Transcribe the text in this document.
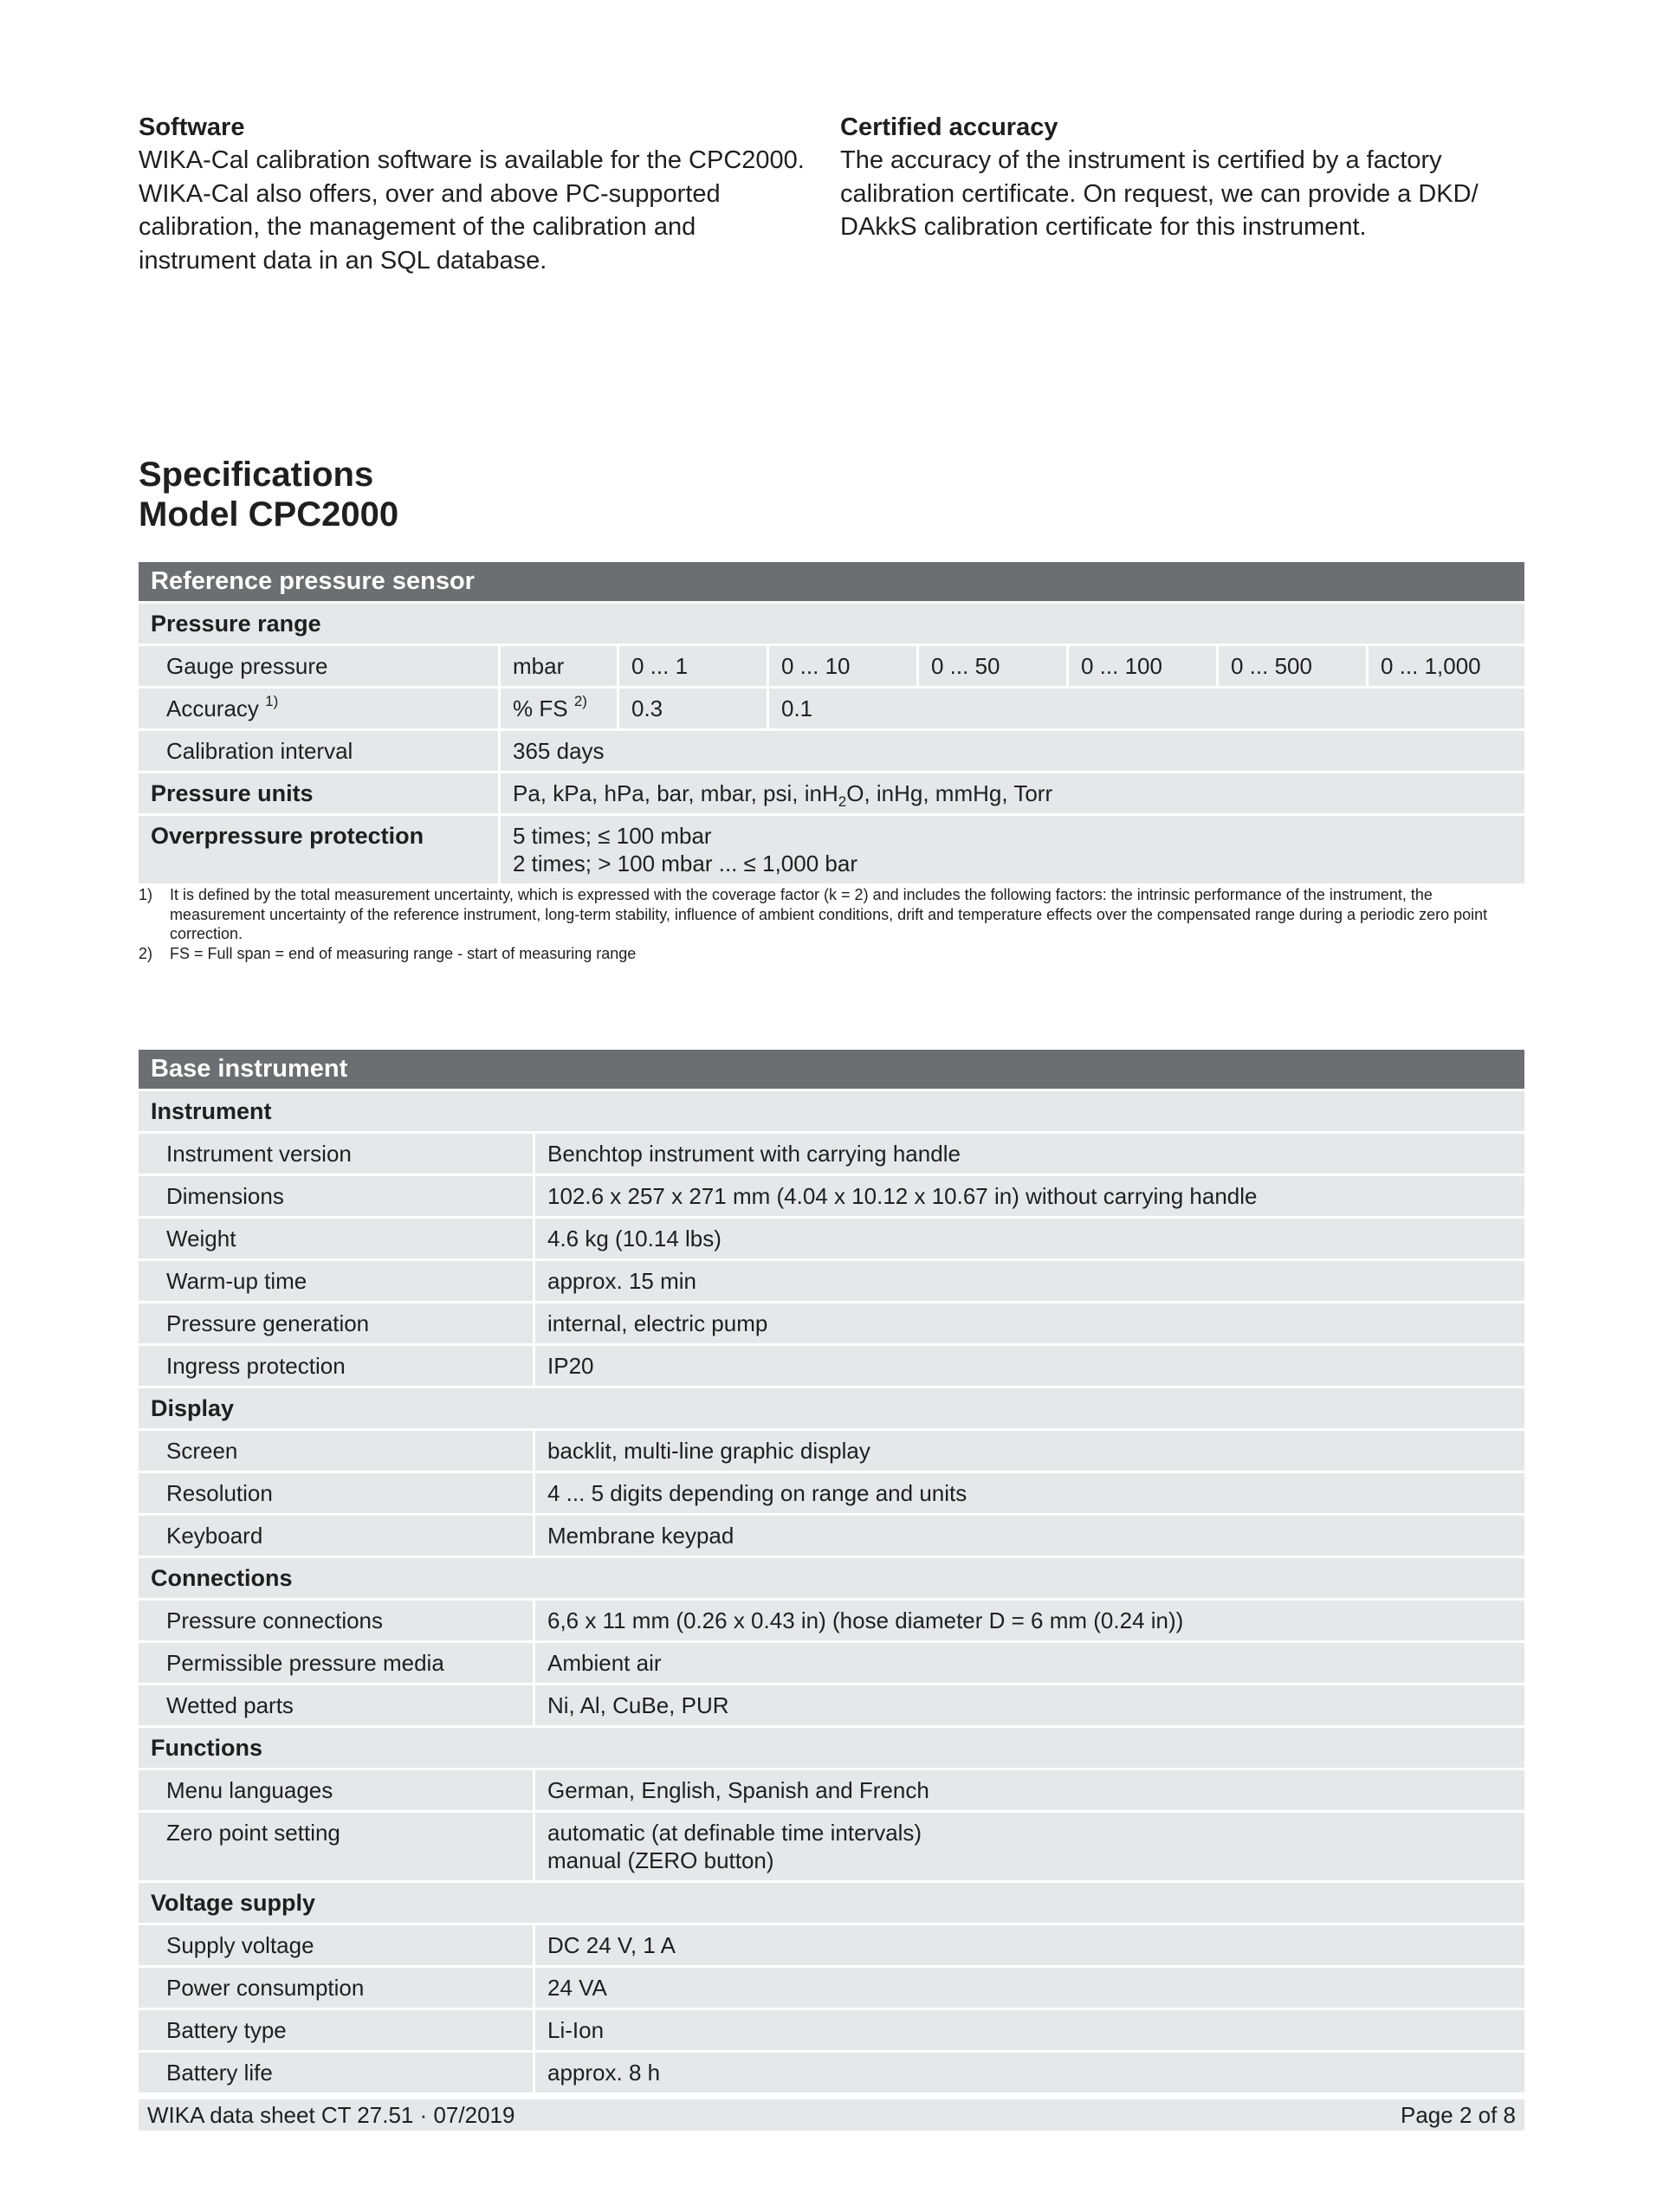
Software

WIKA-Cal calibration software is available for the CPC2000. WIKA-Cal also offers, over and above PC-supported calibration, the management of the calibration and instrument data in an SQL database.

Certified accuracy

The accuracy of the instrument is certified by a factory calibration certificate. On request, we can provide a DKD/ DAkkS calibration certificate for this instrument.

Specifications
Model CPC2000
Reference pressure sensor
Pressure range
Gauge pressure	mbar	0 ... 1	0 ... 10	0 ... 50	0 ... 100	0 ... 500	0 ... 1,000
Accuracy $^{1)}$	% FS $^{2)}$	0.3	0.1
Calibration interval	365 days
Pressure units	Pa, kPa, hPa, bar, mbar, psi, inH$_2$O, inHg, mmHg, Torr
Overpressure protection	5 times; ≤ 100 mbar
2 times; > 100 mbar ... ≤ 1,000 bar
1)	It is defined by the total measurement uncertainty, which is expressed with the coverage factor (k = 2) and includes the following factors: the intrinsic performance of the instrument, the measurement uncertainty of the reference instrument, long-term stability, influence of ambient conditions, drift and temperature effects over the compensated range during a periodic zero point correction.
2)	FS = Full span = end of measuring range - start of measuring range
Base instrument
Instrument
Instrument version	Benchtop instrument with carrying handle
Dimensions	102.6 x 257 x 271 mm (4.04 x 10.12 x 10.67 in) without carrying handle
Weight	4.6 kg (10.14 lbs)
Warm-up time	approx. 15 min
Pressure generation	internal, electric pump
Ingress protection	IP20
Display
Screen	backlit, multi-line graphic display
Resolution	4 ... 5 digits depending on range and units
Keyboard	Membrane keypad
Connections
Pressure connections	6,6 x 11 mm (0.26 x 0.43 in) (hose diameter D = 6 mm (0.24 in))
Permissible pressure media	Ambient air
Wetted parts	Ni, Al, CuBe, PUR
Functions
Menu languages	German, English, Spanish and French
Zero point setting	automatic (at definable time intervals)
manual (ZERO button)
Voltage supply
Supply voltage	DC 24 V, 1 A
Power consumption	24 VA
Battery type	Li-Ion
Battery life	approx. 8 h
WIKA data sheet CT 27.51 · 07/2019	Page 2 of 8
